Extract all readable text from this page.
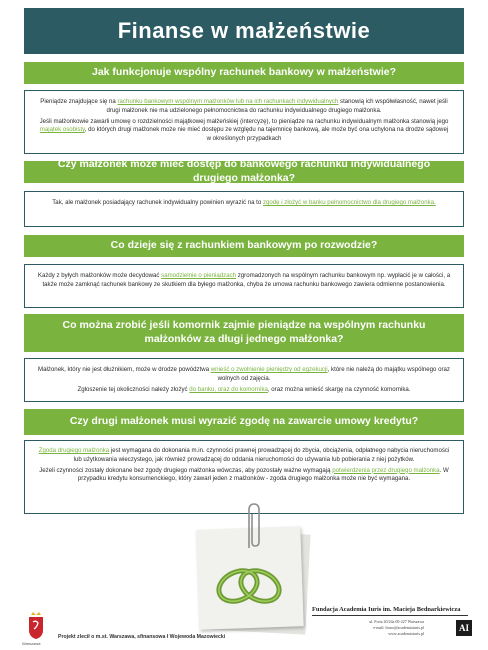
Finanse w małżeństwie
Jak funkcjonuje wspólny rachunek bankowy w małżeństwie?

Pieniądze znajdujące się na rachunku bankowym wspólnym małżonków lub na ich rachunkach indywidualnych stanowią ich współwłasność, nawet jeśli drugi małżonek nie ma udzielonego pełnomocnictwa do rachunku indywidualnego drugiego małżonka.

Jeśli małżonkowie zawarli umowę o rozdzielności majątkowej małżeńskiej (intercyzę), to pieniądze na rachunku indywidualnym małżonka stanowią jego majątek osobisty, do których drugi małżonek może nie mieć dostępu ze względu na tajemnicę bankową, ale może być ona uchylona na drodze sądowej w określonych przypadkach

Czy małżonek może mieć dostęp do bankowego rachunku indywidualnego drugiego małżonka?

Tak, ale małżonek posiadający rachunek indywidualny powinien wyrazić na to zgodę i złożyć w banku pełnomocnictwo dla drugiego małżonka.

Co dzieje się z rachunkiem bankowym po rozwodzie?

Każdy z byłych małżonków może decydować samodzielnie o pieniądzach zgromadzonych na wspólnym rachunku bankowym np. wypłacić je w całości, a także może zamknąć rachunek bankowy ze skutkiem dla byłego małżonka, chyba że umowa rachunku bankowego zawiera odmienne postanowienia.

Co można zrobić jeśli komornik zajmie pieniądze na wspólnym rachunku małżonków za długi jednego małżonka?

Małżonek, który nie jest dłużnikiem, może w drodze powództwa wnieść o zwolnienie pieniędzy od egzekucji, które nie należą do majątku wspólnego oraz wolnych od zajęcia.

Zgłoszenie tej okoliczności należy złożyć do banku, oraz do komornika, oraz można wnieść skargę na czynność komornika.

Czy drugi małżonek musi wyrazić zgodę na zawarcie umowy kredytu?

Zgoda drugiego małżonka jest wymagana do dokonania m.in. czynności prawnej prowadzącej do zbycia, obciążenia, odpłatnego nabycia nieruchomości lub użytkowania wieczystego, jak również prowadzącej do oddania nieruchomości do używania lub pobierania z niej pożytków.

Jeżeli czynności zostały dokonane bez zgody drugiego małżonka wówczas, aby pozostały ważne wymagają potwierdzenia przez drugiego małżonka. W przypadku kredytu konsumenckiego, który zawarł jeden z małżonków - zgoda drugiego małżonka może nie być wymagana.

Warszawa
Projekt zlecił o m.st. Warszawa, sfinansowa ł Wojewoda Mazowiecki
Fundacja Academia Iuris im. Macieja Bednarkiewicza
ul. Freta 20/24a 00-227 Warszawa
e-mail: biuro@academiaiuris.pl
www.academiaiuris.pl
AI
